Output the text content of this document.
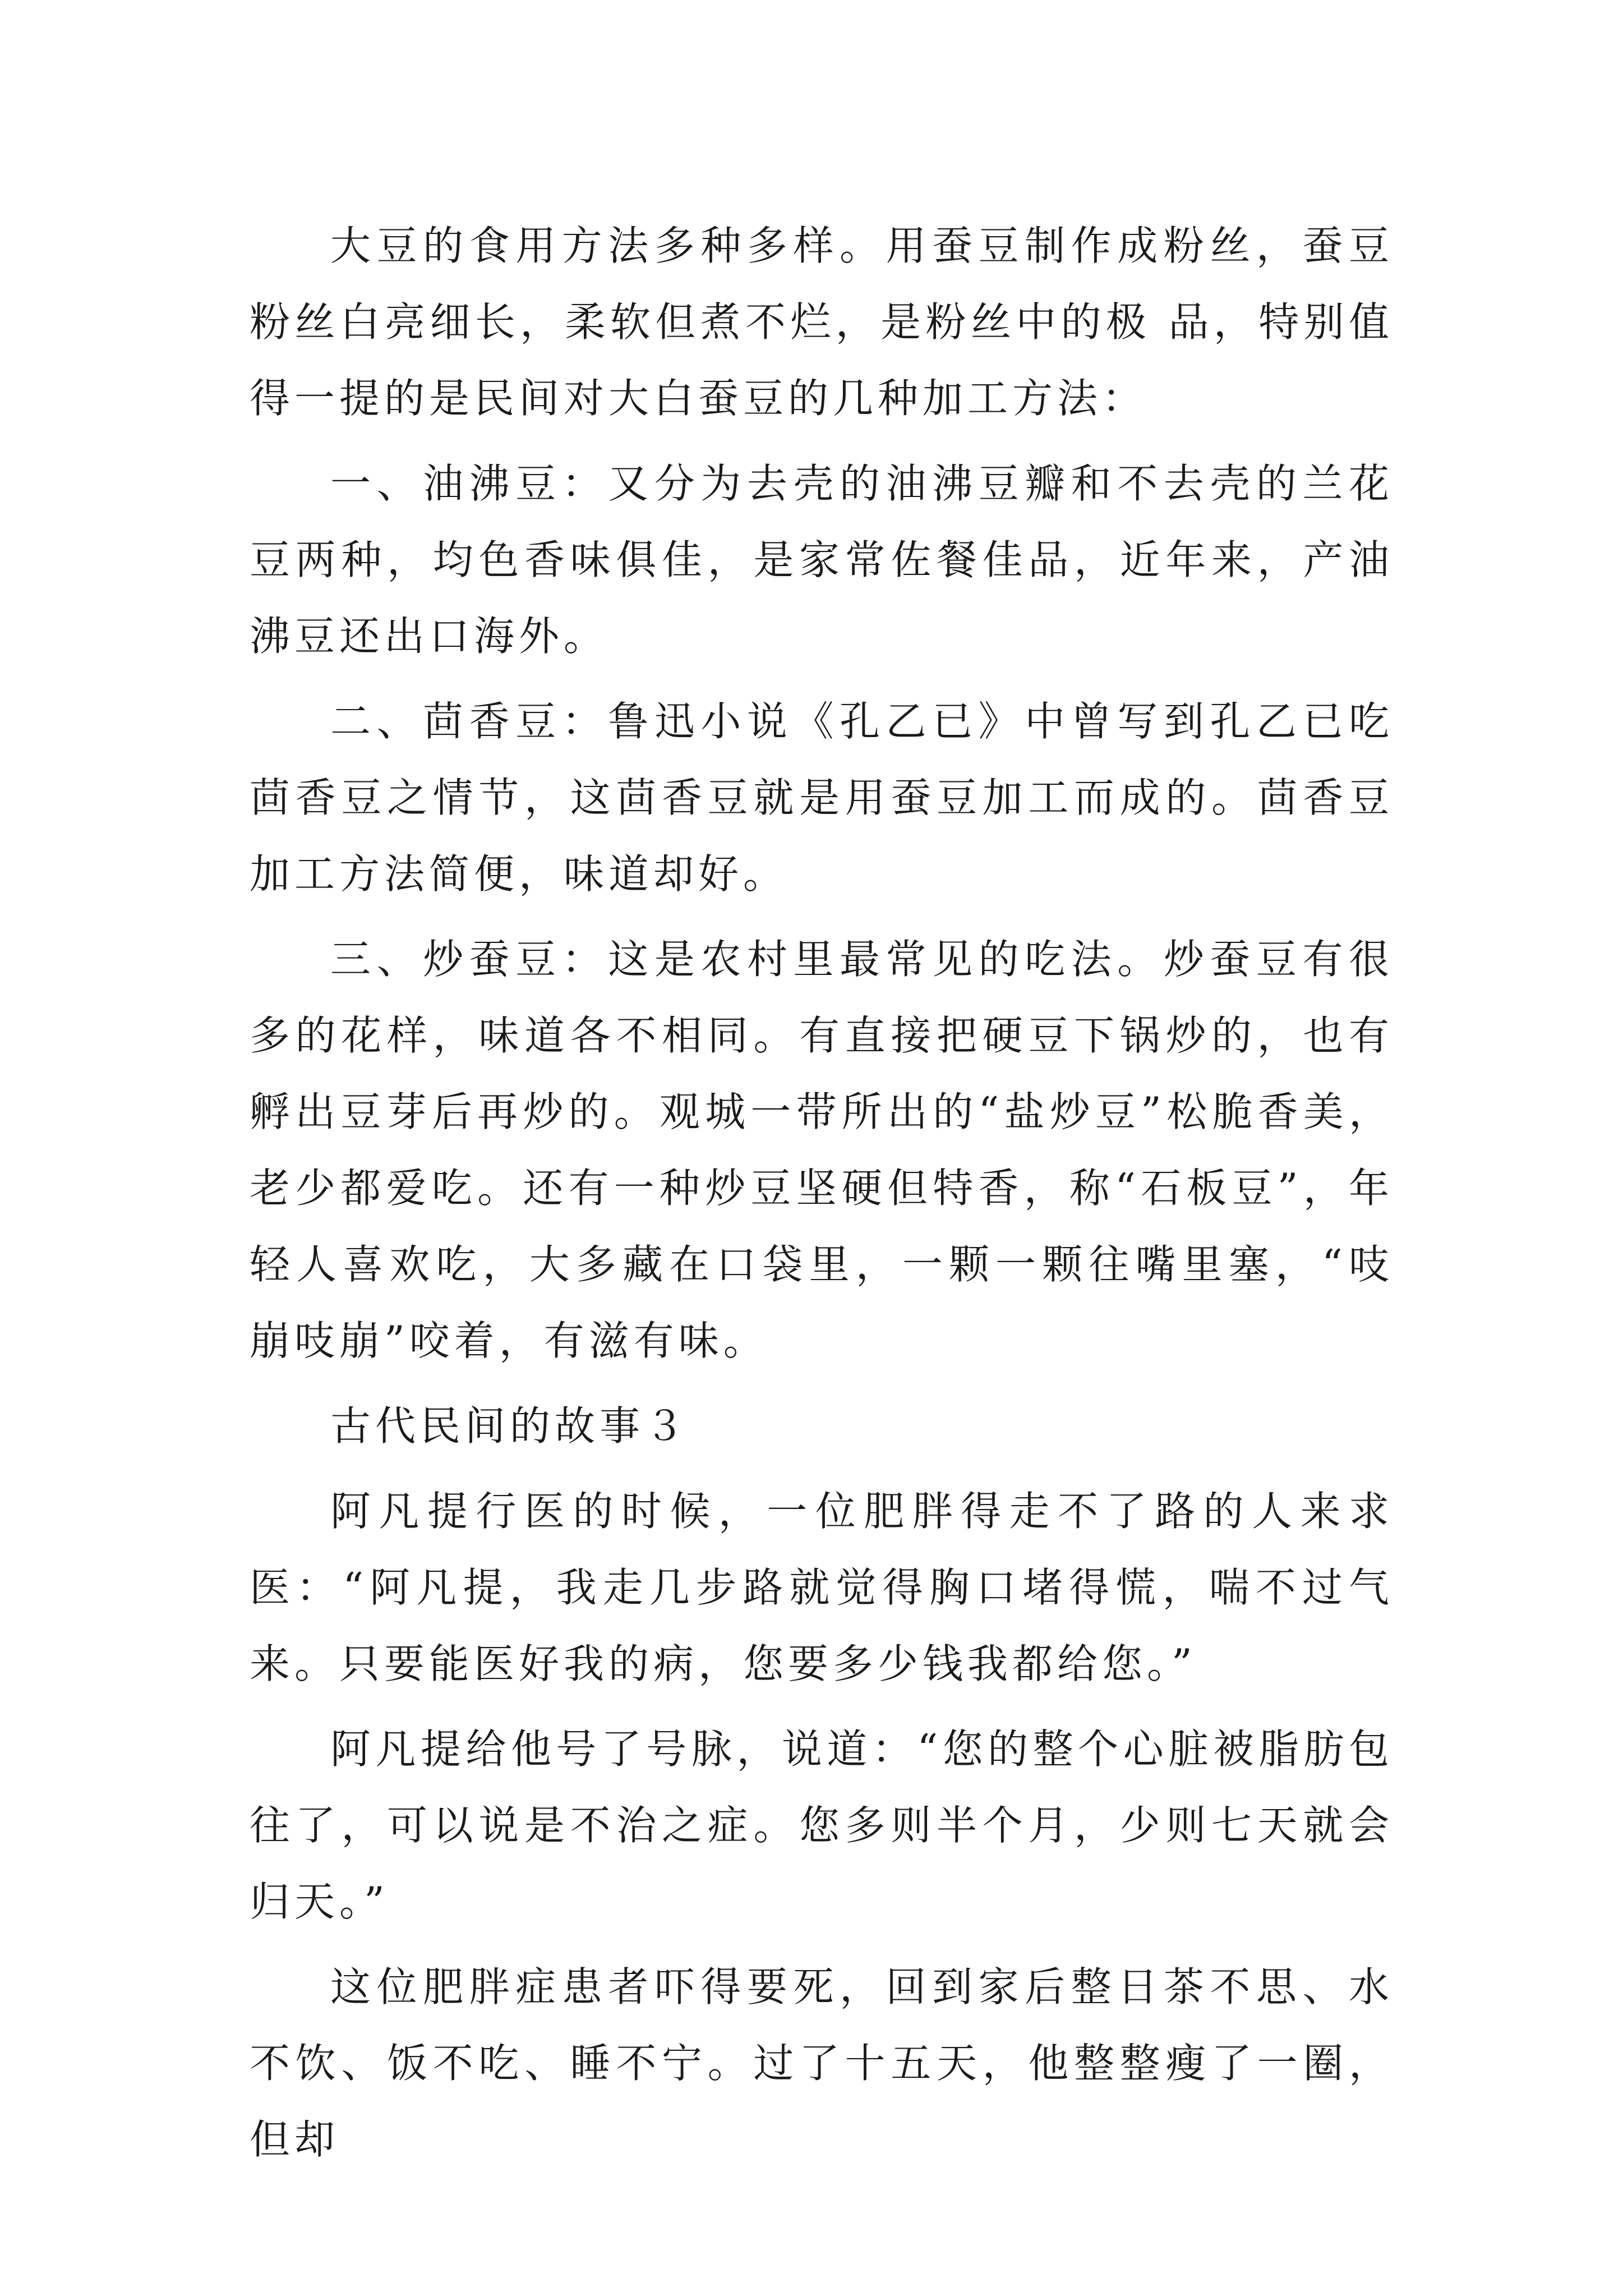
大豆的食用方法多种多样。用蚕豆制作成粉丝，蚕豆粉丝白亮细长，柔软但煮不烂，是粉丝中的极 品，特别值得一提的是民间对大白蚕豆的几种加工方法：

一、油沸豆：又分为去壳的油沸豆瓣和不去壳的兰花豆两种，均色香味俱佳，是家常佐餐佳品，近年来，产油沸豆还出口海外。

二、茴香豆：鲁迅小说《孔乙已》中曾写到孔乙已吃茴香豆之情节，这茴香豆就是用蚕豆加工而成的。茴香豆加工方法简便，味道却好。

三、炒蚕豆：这是农村里最常见的吃法。炒蚕豆有很多的花样，味道各不相同。有直接把硬豆下锅炒的，也有孵出豆芽后再炒的。观城一带所出的“盐炒豆”松脆香美，老少都爱吃。还有一种炒豆坚硬但特香，称“石板豆”，年轻人喜欢吃，大多藏在口袋里，一颗一颗往嘴里塞，“吱崩吱崩”咬着，有滋有味。

古代民间的故事３

阿凡提行医的时候，一位肥胖得走不了路的人来求医：“阿凡提，我走几步路就觉得胸口堵得慌，喘不过气来。只要能医好我的病，您要多少钱我都给您。”

阿凡提给他号了号脉，说道：“您的整个心脏被脂肪包往了，可以说是不治之症。您多则半个月，少则七天就会归天。”

这位肥胖症患者吓得要死，回到家后整日茶不思、水不饮、饭不吃、睡不宁。过了十五天，他整整瘦了一圈，但却
